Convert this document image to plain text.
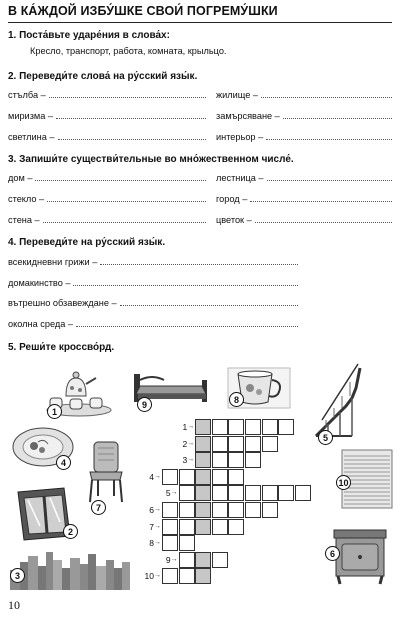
В КА́ЖДОЙ ИЗБУ́ШКЕ СВОИ́ ПОГРЕМУ́ШКИ
1. Поста́вьте ударе́ния в слова́х:
Кресло, транспорт, работа, комната, крыльцо.
2. Переведи́те слова́ на ру́сский язы́к.
стълба –	жилище –
миризма –	замърсяване –
светлина –	интерьор –
3. Запиши́те существи́тельные во мно́жественном числе́.
дом –	лестница –
стекло –	город –
стена –	цветок –
4. Переведи́те на ру́сский язы́к.
всекидневни грижи –
домакинство –
вътрешно обзавеждане –
околна среда –
5. Реши́те кроссво́рд.
1 →
2 →
3 →
4 →
5 →
6 →
7 →
8 →
9 →
10 →
1
9	8
5
4
7
2
3
10
6
10
